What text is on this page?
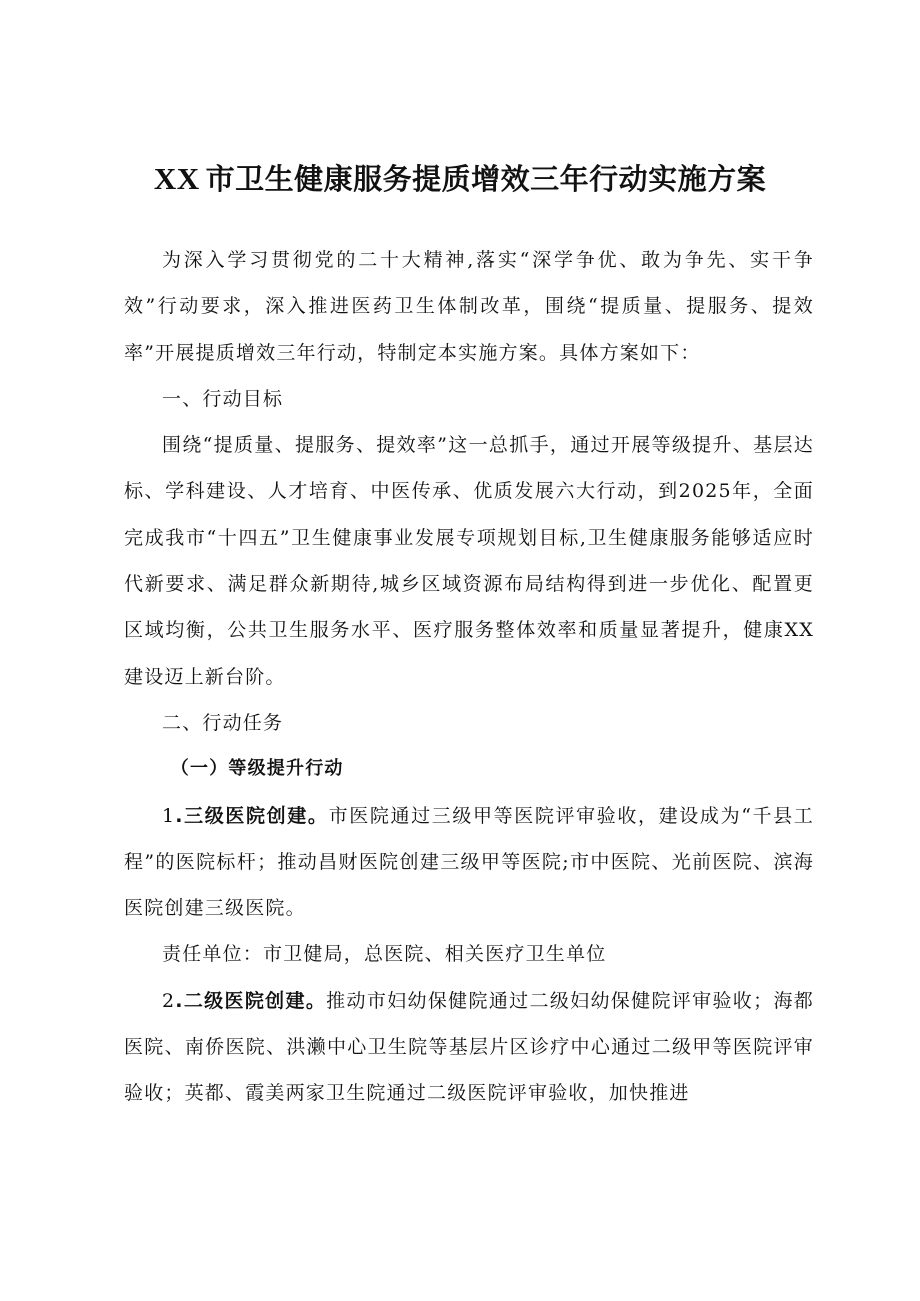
XX 市卫生健康服务提质增效三年行动实施方案

为深入学习贯彻党的二十大精神,落实“深学争优、敢为争先、实干争效”行动要求，深入推进医药卫生体制改革，围绕“提质量、提服务、提效率”开展提质增效三年行动，特制定本实施方案。具体方案如下：

一、行动目标

围绕“提质量、提服务、提效率”这一总抓手，通过开展等级提升、基层达标、学科建设、人才培育、中医传承、优质发展六大行动，到2025年，全面完成我市“十四五”卫生健康事业发展专项规划目标,卫生健康服务能够适应时代新要求、满足群众新期待,城乡区域资源布局结构得到进一步优化、配置更区域均衡，公共卫生服务水平、医疗服务整体效率和质量显著提升，健康XX建设迈上新台阶。

二、行动任务

（一）等级提升行动

1.三级医院创建。市医院通过三级甲等医院评审验收，建设成为“千县工程”的医院标杆；推动昌财医院创建三级甲等医院;市中医院、光前医院、滨海医院创建三级医院。

责任单位：市卫健局，总医院、相关医疗卫生单位

2.二级医院创建。推动市妇幼保健院通过二级妇幼保健院评审验收；海都医院、南侨医院、洪濑中心卫生院等基层片区诊疗中心通过二级甲等医院评审验收；英都、霞美两家卫生院通过二级医院评审验收，加快推进
